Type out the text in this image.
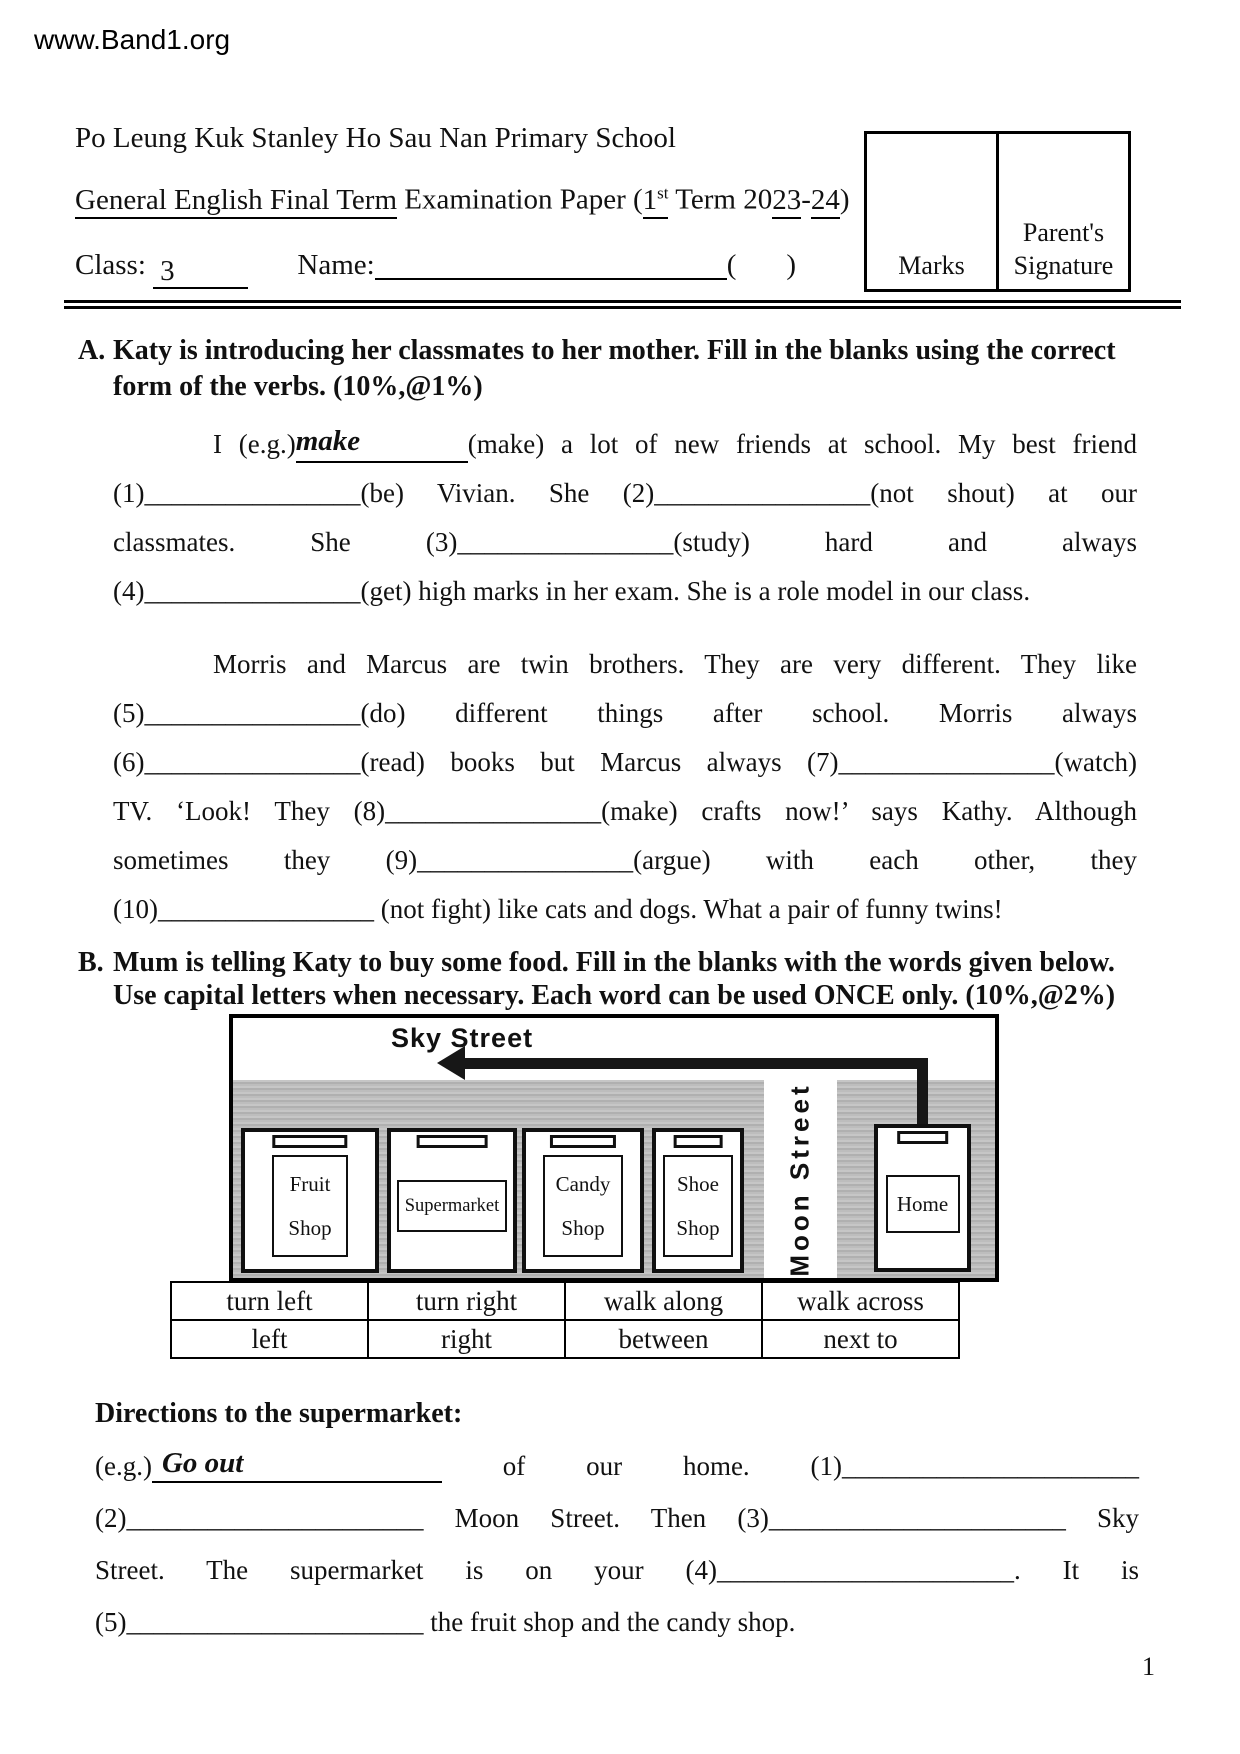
www.Band1.org
Po Leung Kuk Stanley Ho Sau Nan Primary School
General English Final Term Examination Paper (1st Term 2023-24)
Class: 3	Name:	( )	Marks
Parent's Signature
A. Katy is introducing her classmates to her mother. Fill in the blanks using the correct
form of the verbs. (10%,@1%)
I (e.g.)make	(make) a lot of new friends at school. My best friend
(1)________________(be) Vivian. She (2)________________(not shout) at our
classmates. She (3)________________(study) hard and always
(4)________________(get) high marks in her exam. She is a role model in our class.
Morris and Marcus are twin brothers. They are very different. They like
(5)________________(do) different things after school. Morris always
(6)________________(read) books but Marcus always (7)________________(watch)
TV. ‘Look! They (8)________________(make) crafts now!’ says Kathy. Although
sometimes they (9)________________(argue) with each other, they
(10)________________ (not fight) like cats and dogs. What a pair of funny twins!
B. Mum is telling Katy to buy some food. Fill in the blanks with the words given below.
Use capital letters when necessary. Each word can be used ONCE only. (10%,@2%)
Sky Street
Moon Street
Fruit Shop
Supermarket
Candy Shop
Shoe Shop
Home
turn left	turn right	walk along	walk across
left	right	between	next to
Directions to the supermarket:
(e.g.) Go out	of our home. (1)______________________
(2)______________________ Moon Street. Then (3)______________________ Sky
Street. The supermarket is on your (4)______________________. It is
(5)______________________ the fruit shop and the candy shop.
1
